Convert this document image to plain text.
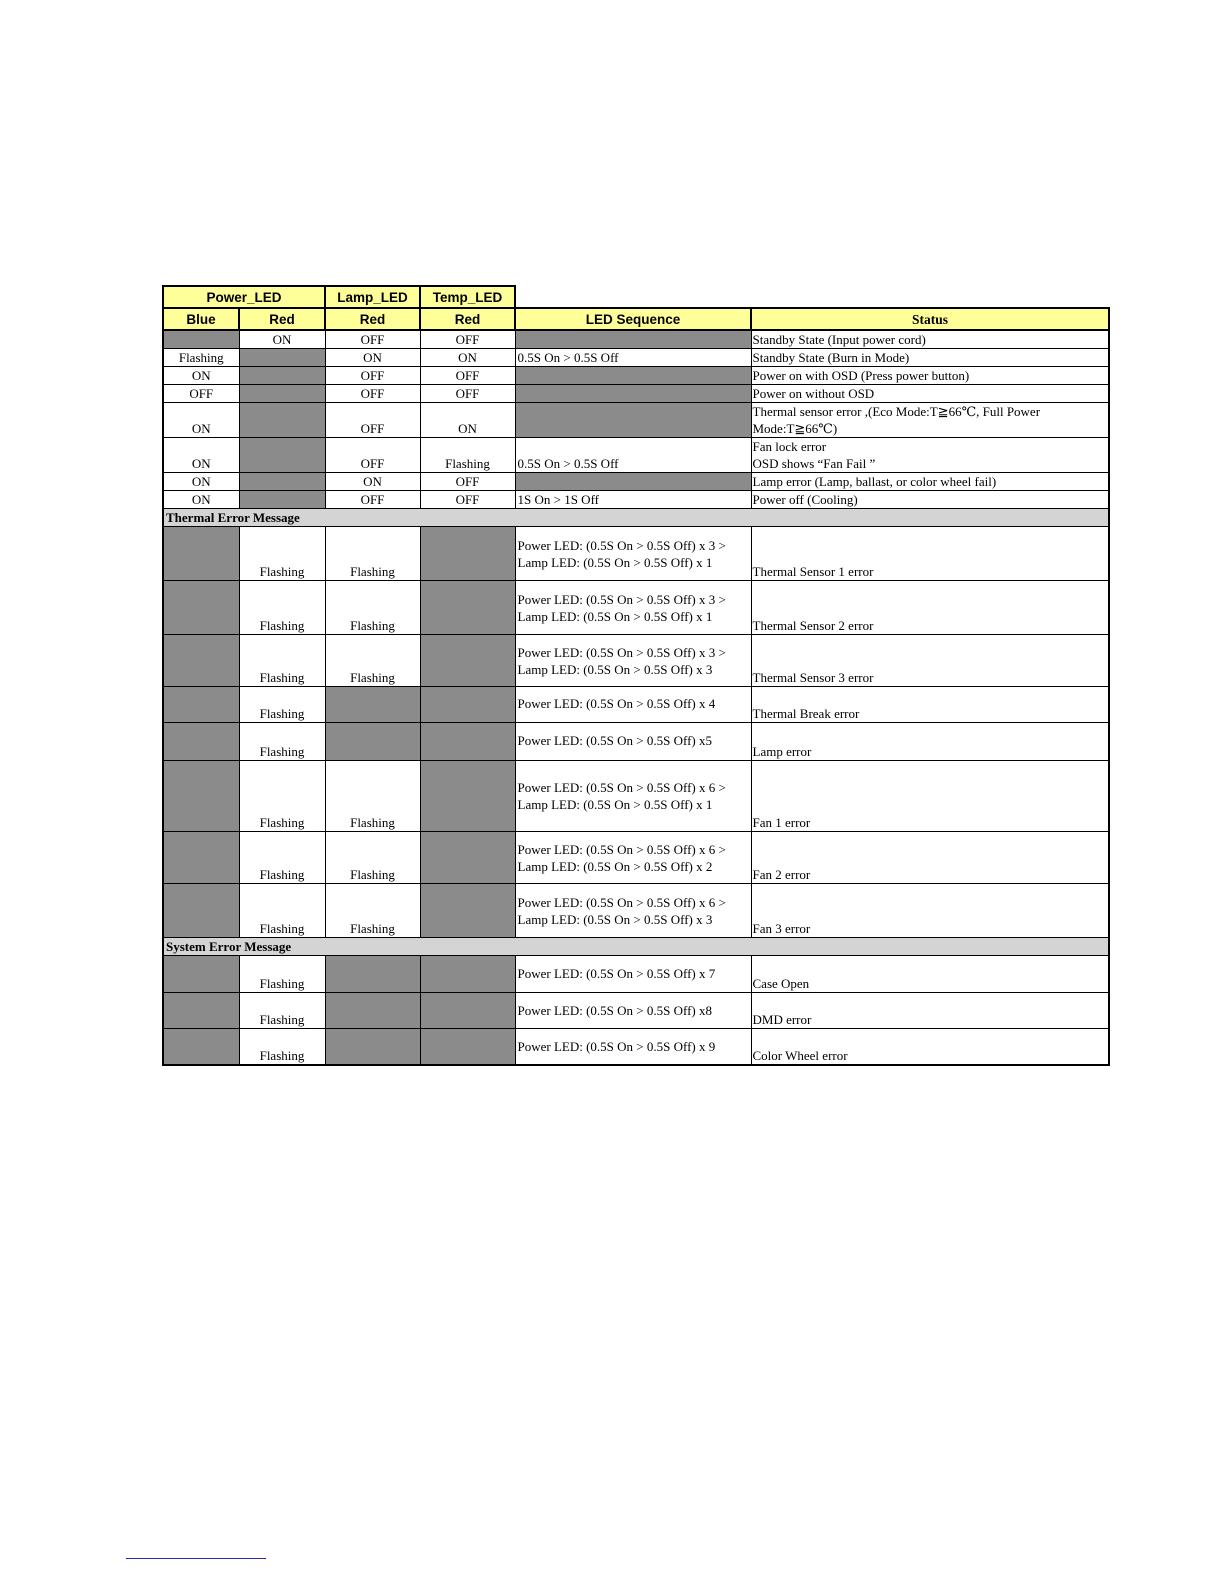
Power_LED		Lamp_LED	Temp_LED		
Blue	Red	Red	Red	LED Sequence	Status
	ON	OFF	OFF		Standby State (Input power cord)
Flashing		ON	ON	0.5S On > 0.5S Off	Standby State (Burn in Mode)
ON		OFF	OFF		Power on with OSD (Press power button)
OFF		OFF	OFF		Power on without OSD
ON		OFF	ON		Thermal sensor error ,(Eco Mode:T≧66℃, Full Power Mode:T≧66℃)
ON		OFF	Flashing	0.5S On > 0.5S Off	Fan lock error
OSD shows “Fan Fail ”

ON		ON	OFF		Lamp error (Lamp, ballast, or color wheel fail)
ON		OFF	OFF	1S On > 1S Off	Power off (Cooling)
Thermal Error Message					
	Flashing	Flashing		Power LED: (0.5S On > 0.5S Off) x 3 >
Lamp LED: (0.5S On > 0.5S Off) x 1	Thermal Sensor 1 error
	Flashing	Flashing		Power LED: (0.5S On > 0.5S Off) x 3 >
Lamp LED: (0.5S On > 0.5S Off) x 1	Thermal Sensor 2 error
	Flashing	Flashing		Power LED: (0.5S On > 0.5S Off) x 3 >
Lamp LED: (0.5S On > 0.5S Off) x 3	Thermal Sensor 3 error
	Flashing			Power LED: (0.5S On > 0.5S Off) x 4	Thermal Break error
	Flashing			Power LED: (0.5S On > 0.5S Off) x5	Lamp error
	Flashing	Flashing		Power LED: (0.5S On > 0.5S Off) x 6 >
Lamp LED: (0.5S On > 0.5S Off) x 1	Fan 1 error
	Flashing	Flashing		Power LED: (0.5S On > 0.5S Off) x 6 >
Lamp LED: (0.5S On > 0.5S Off) x 2	Fan 2 error
	Flashing	Flashing		Power LED: (0.5S On > 0.5S Off) x 6 >
Lamp LED: (0.5S On > 0.5S Off) x 3	Fan 3 error
System Error Message					
	Flashing			Power LED: (0.5S On > 0.5S Off) x 7	Case Open
	Flashing			Power LED: (0.5S On > 0.5S Off) x8	DMD error
	Flashing			Power LED: (0.5S On > 0.5S Off) x 9	Color Wheel error
